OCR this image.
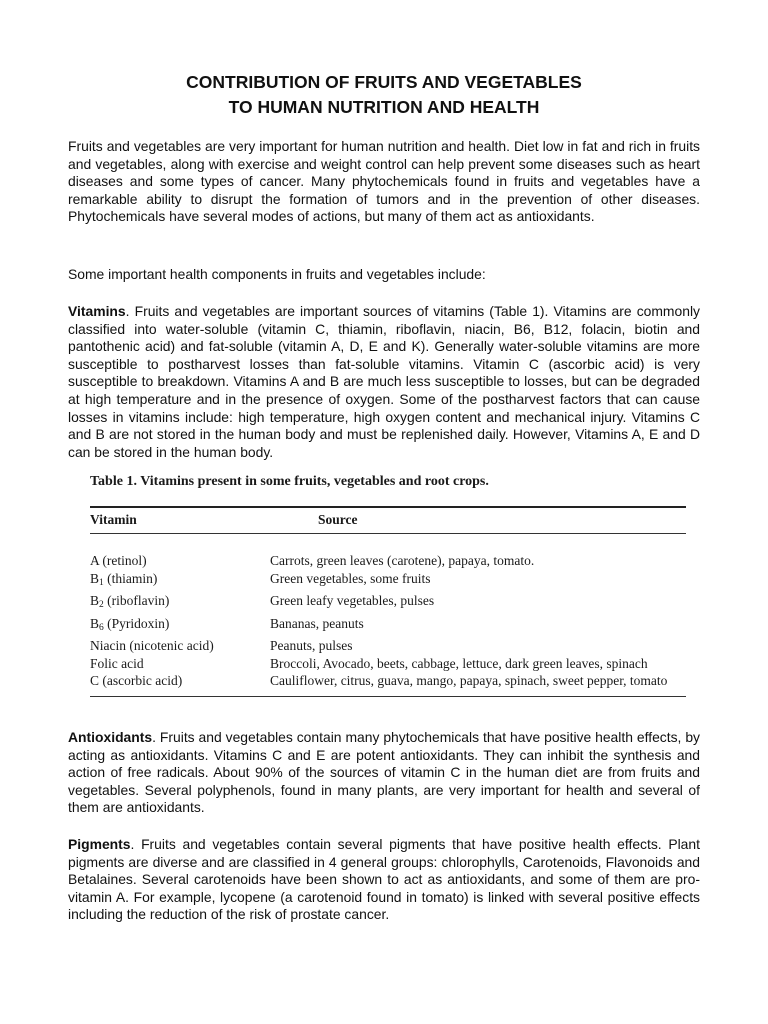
CONTRIBUTION OF FRUITS AND VEGETABLES
TO HUMAN NUTRITION AND HEALTH

Fruits and vegetables are very important for human nutrition and health. Diet low in fat and rich in fruits and vegetables, along with exercise and weight control can help prevent some diseases such as heart diseases and some types of cancer. Many phytochemicals found in fruits and vegetables have a remarkable ability to disrupt the formation of tumors and in the prevention of other diseases. Phytochemicals have several modes of actions, but many of them act as antioxidants.

Some important health components in fruits and vegetables include:

Vitamins. Fruits and vegetables are important sources of vitamins (Table 1). Vitamins are commonly classified into water-soluble (vitamin C, thiamin, riboflavin, niacin, B6, B12, folacin, biotin and pantothenic acid) and fat-soluble (vitamin A, D, E and K). Generally water-soluble vitamins are more susceptible to postharvest losses than fat-soluble vitamins. Vitamin C (ascorbic acid) is very susceptible to breakdown. Vitamins A and B are much less susceptible to losses, but can be degraded at high temperature and in the presence of oxygen. Some of the postharvest factors that can cause losses in vitamins include: high temperature, high oxygen content and mechanical injury. Vitamins C and B are not stored in the human body and must be replenished daily. However, Vitamins A, E and D can be stored in the human body.

Table 1. Vitamins present in some fruits, vegetables and root crops.

Vitamin	Source
A (retinol)	Carrots, green leaves (carotene), papaya, tomato.
$B_1$ (thiamin)	Green vegetables, some fruits
$B_2$ (riboflavin)	Green leafy vegetables, pulses
$B_6$ (Pyridoxin)	Bananas, peanuts
Niacin (nicotenic acid)	Peanuts, pulses
Folic acid	Broccoli, Avocado, beets, cabbage, lettuce, dark green leaves, spinach
C (ascorbic acid)	Cauliflower, citrus, guava, mango, papaya, spinach, sweet pepper, tomato

Antioxidants. Fruits and vegetables contain many phytochemicals that have positive health effects, by acting as antioxidants. Vitamins C and E are potent antioxidants. They can inhibit the synthesis and action of free radicals. About 90% of the sources of vitamin C in the human diet are from fruits and vegetables. Several polyphenols, found in many plants, are very important for health and several of them are antioxidants.

Pigments. Fruits and vegetables contain several pigments that have positive health effects. Plant pigments are diverse and are classified in 4 general groups: chlorophylls, Carotenoids, Flavonoids and Betalaines. Several carotenoids have been shown to act as antioxidants, and some of them are pro-vitamin A. For example, lycopene (a carotenoid found in tomato) is linked with several positive effects including the reduction of the risk of prostate cancer.
